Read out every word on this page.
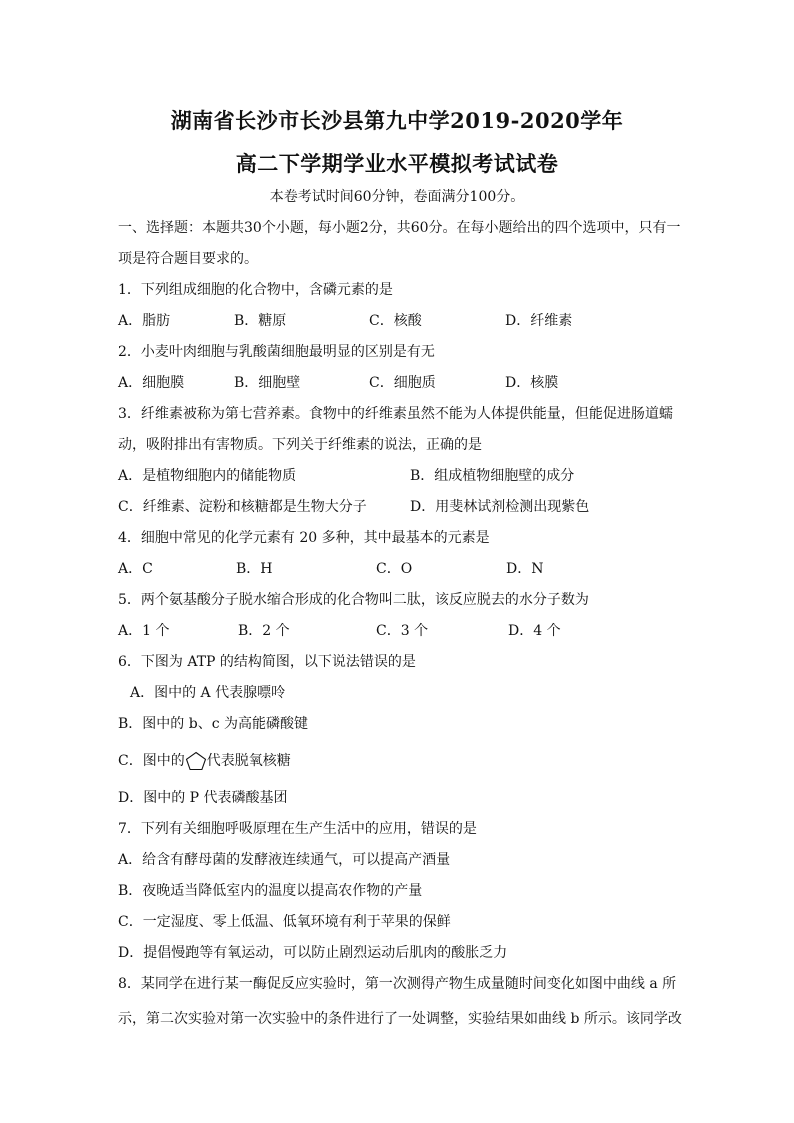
湖南省长沙市长沙县第九中学2019-2020学年
高二下学期学业水平模拟考试试卷
本卷考试时间60分钟，卷面满分100分。
一、选择题：本题共30个小题，每小题2分，共60分。在每小题给出的四个选项中，只有一
项是符合题目要求的。
1．下列组成细胞的化合物中，含磷元素的是
A．脂肪	B．糖原	C．核酸	D．纤维素
2．小麦叶肉细胞与乳酸菌细胞最明显的区别是有无
A．细胞膜	B．细胞壁	C．细胞质	D．核膜
3．纤维素被称为第七营养素。食物中的纤维素虽然不能为人体提供能量，但能促进肠道蠕
动，吸附排出有害物质。下列关于纤维素的说法，正确的是
A．是植物细胞内的储能物质	B．组成植物细胞壁的成分
C．纤维素、淀粉和核糖都是生物大分子	D．用斐林试剂检测出现紫色
4．细胞中常见的化学元素有 20 多种，其中最基本的元素是
A．C	B．H	C．O	D．N
5．两个氨基酸分子脱水缩合形成的化合物叫二肽，该反应脱去的水分子数为
A．1 个	B．2 个	C．3 个	D．4 个
6．下图为 ATP 的结构简图，以下说法错误的是
A．图中的 A 代表腺嘌呤
B．图中的 b、c 为高能磷酸键
C．图中的 代表脱氧核糖
D．图中的 P 代表磷酸基团
7．下列有关细胞呼吸原理在生产生活中的应用，错误的是
A．给含有酵母菌的发酵液连续通气，可以提高产酒量
B．夜晚适当降低室内的温度以提高农作物的产量
C．一定湿度、零上低温、低氧环境有利于苹果的保鲜
D．提倡慢跑等有氧运动，可以防止剧烈运动后肌肉的酸胀乏力
8．某同学在进行某一酶促反应实验时，第一次测得产物生成量随时间变化如图中曲线 a 所
示，第二次实验对第一次实验中的条件进行了一处调整，实验结果如曲线 b 所示。该同学改
